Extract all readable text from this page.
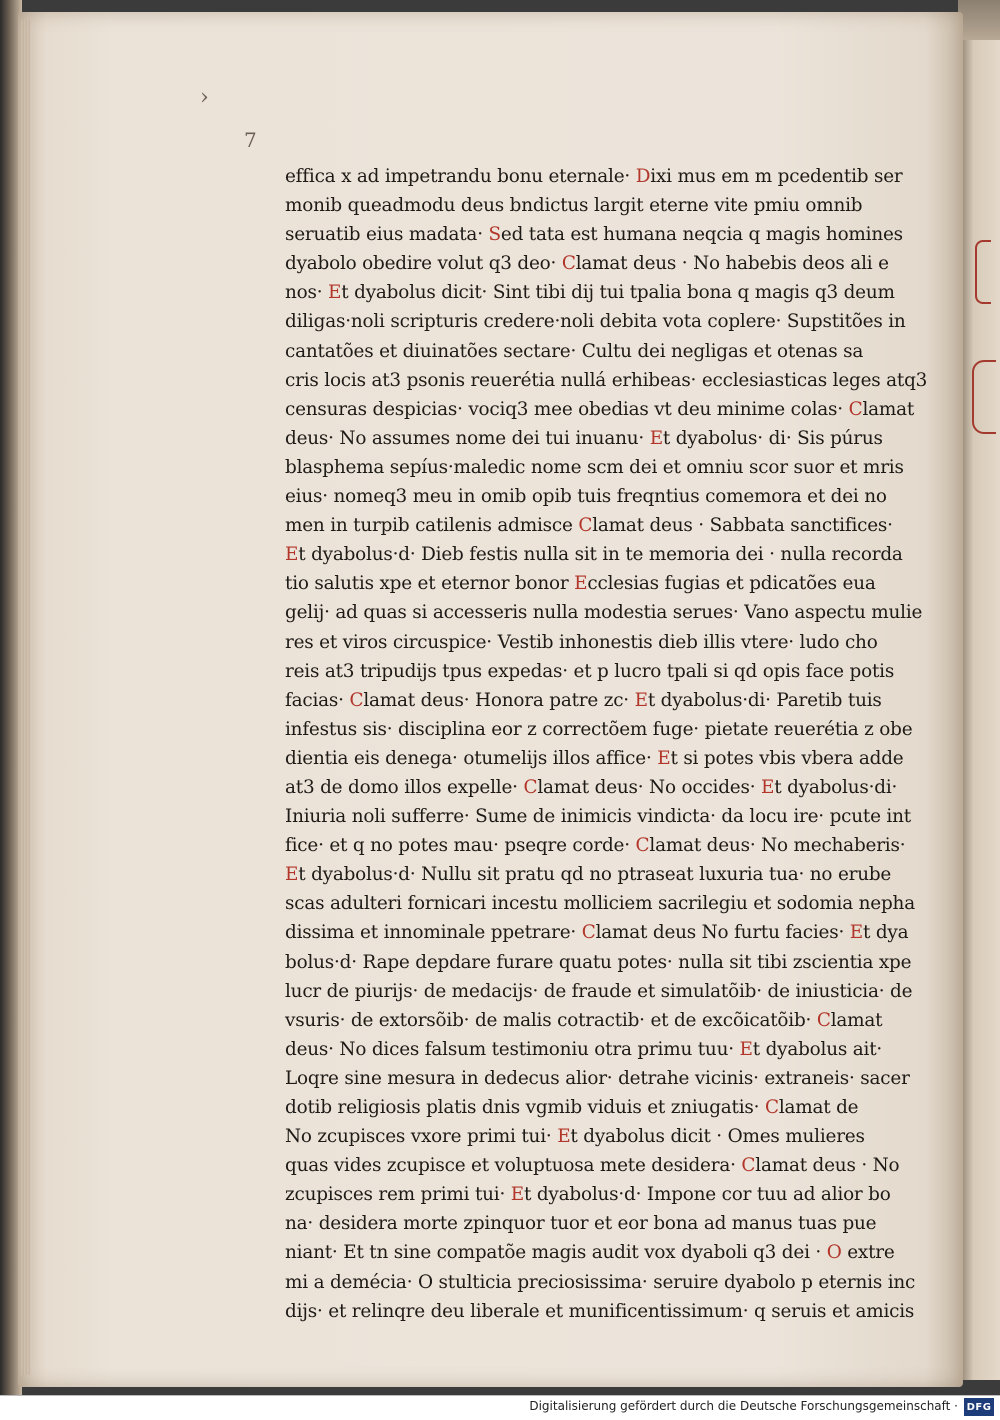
›
7
effica x ad impetrandu bonu eternale· Dixi mus em m pcedentib ser
monib queadmodu deus bndictus largit eterne vite pmiu omnib
seruatib eius madata· Sed tata est humana neqcia q magis homines
dyabolo obedire volut q3 deo· Clamat deus · No habebis deos ali e
nos· Et dyabolus dicit· Sint tibi dij tui tpalia bona q magis q3 deum
diligas·noli scripturis credere·noli debita vota coplere· Supstitões in
cantatões et diuinatões sectare· Cultu dei negligas et otenas sa
cris locis at3 psonis reuerétia nullá erhibeas· ecclesiasticas leges atq3
censuras despicias· vociq3 mee obedias vt deu minime colas· Clamat
deus· No assumes nome dei tui inuanu· Et dyabolus· di· Sis púrus
blasphema sepíus·maledic nome scm dei et omniu scor suor et mris
eius· nomeq3 meu in omib opib tuis freqntius comemora et dei no
men in turpib catilenis admisce Clamat deus · Sabbata sanctifices·
Et dyabolus·d· Dieb festis nulla sit in te memoria dei · nulla recorda
tio salutis xpe et eternor bonor Ecclesias fugias et pdicatões eua
gelij· ad quas si accesseris nulla modestia serues· Vano aspectu mulie
res et viros circuspice· Vestib inhonestis dieb illis vtere· ludo cho
reis at3 tripudijs tpus expedas· et p lucro tpali si qd opis face potis
facias· Clamat deus· Honora patre zc· Et dyabolus·di· Paretib tuis
infestus sis· disciplina eor z correctõem fuge· pietate reuerétia z obe
dientia eis denega· otumelijs illos affice· Et si potes vbis vbera adde
at3 de domo illos expelle· Clamat deus· No occides· Et dyabolus·di·
Iniuria noli sufferre· Sume de inimicis vindicta· da locu ire· pcute int
fice· et q no potes mau· pseqre corde· Clamat deus· No mechaberis·
Et dyabolus·d· Nullu sit pratu qd no ptraseat luxuria tua· no erube
scas adulteri fornicari incestu molliciem sacrilegiu et sodomia nepha
dissima et innominale ppetrare· Clamat deus No furtu facies· Et dya
bolus·d· Rape depdare furare quatu potes· nulla sit tibi zscientia xpe
lucr de piurijs· de medacijs· de fraude et simulatõib· de iniusticia· de
vsuris· de extorsõib· de malis cotractib· et de excõicatõib· Clamat
deus· No dices falsum testimoniu otra primu tuu· Et dyabolus ait·
Loqre sine mesura in dedecus alior· detrahe vicinis· extraneis· sacer
dotib religiosis platis dnis vgmib viduis et zniugatis· Clamat de
No zcupisces vxore primi tui· Et dyabolus dicit · Omes mulieres
quas vides zcupisce et voluptuosa mete desidera· Clamat deus · No
zcupisces rem primi tui· Et dyabolus·d· Impone cor tuu ad alior bo
na· desidera morte zpinquor tuor et eor bona ad manus tuas pue
niant· Et tn sine compatõe magis audit vox dyaboli q3 dei · O extre
mi a demécia· O stulticia preciosissima· seruire dyabolo p eternis inc
dijs· et relinqre deu liberale et munificentissimum· q seruis et amicis
Digitalisierung gefördert durch die Deutsche Forschungsgemeinschaft · DFG
